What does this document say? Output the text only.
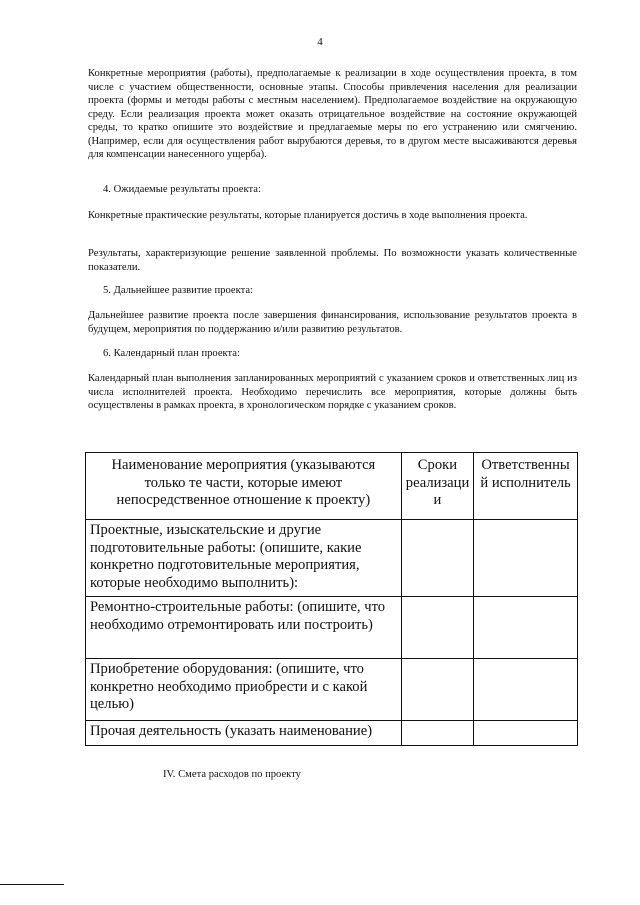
4
Конкретные мероприятия (работы), предполагаемые к реализации в ходе осуществления проекта, в том числе с участием общественности, основные этапы. Способы привлечения населения для реализации проекта (формы и методы работы с местным населением). Предполагаемое воздействие на окружающую среду. Если реализация проекта может оказать отрицательное воздействие на состояние окружающей среды, то кратко опишите это воздействие и предлагаемые меры по его устранению или смягчению. (Например, если для осуществления работ вырубаются деревья, то в другом месте высаживаются деревья для компенсации нанесенного ущерба).
4. Ожидаемые результаты проекта:
Конкретные практические результаты, которые планируется достичь в ходе выполнения проекта.
Результаты, характеризующие решение заявленной проблемы. По возможности указать количественные показатели.
5. Дальнейшее развитие проекта:
Дальнейшее развитие проекта после завершения финансирования, использование результатов проекта в будущем, мероприятия по поддержанию и/или развитию результатов.
6. Календарный план проекта:
Календарный план выполнения запланированных мероприятий с указанием сроков и ответственных лиц из числа исполнителей проекта. Необходимо перечислить все мероприятия, которые должны быть осуществлены в рамках проекта, в хронологическом порядке с указанием сроков.
Наименование мероприятия (указываются только те части, которые имеют непосредственное отношение к проекту)	Сроки реализаци и	Ответственны й исполнитель
Проектные, изыскательские и другие подготовительные работы: (опишите, какие конкретно подготовительные мероприятия, которые необходимо выполнить):		
Ремонтно-строительные работы: (опишите, что необходимо отремонтировать или построить)		
Приобретение оборудования: (опишите, что конкретно необходимо приобрести и с какой целью)		
Прочая деятельность (указать наименование)		
IV. Смета расходов по проекту
